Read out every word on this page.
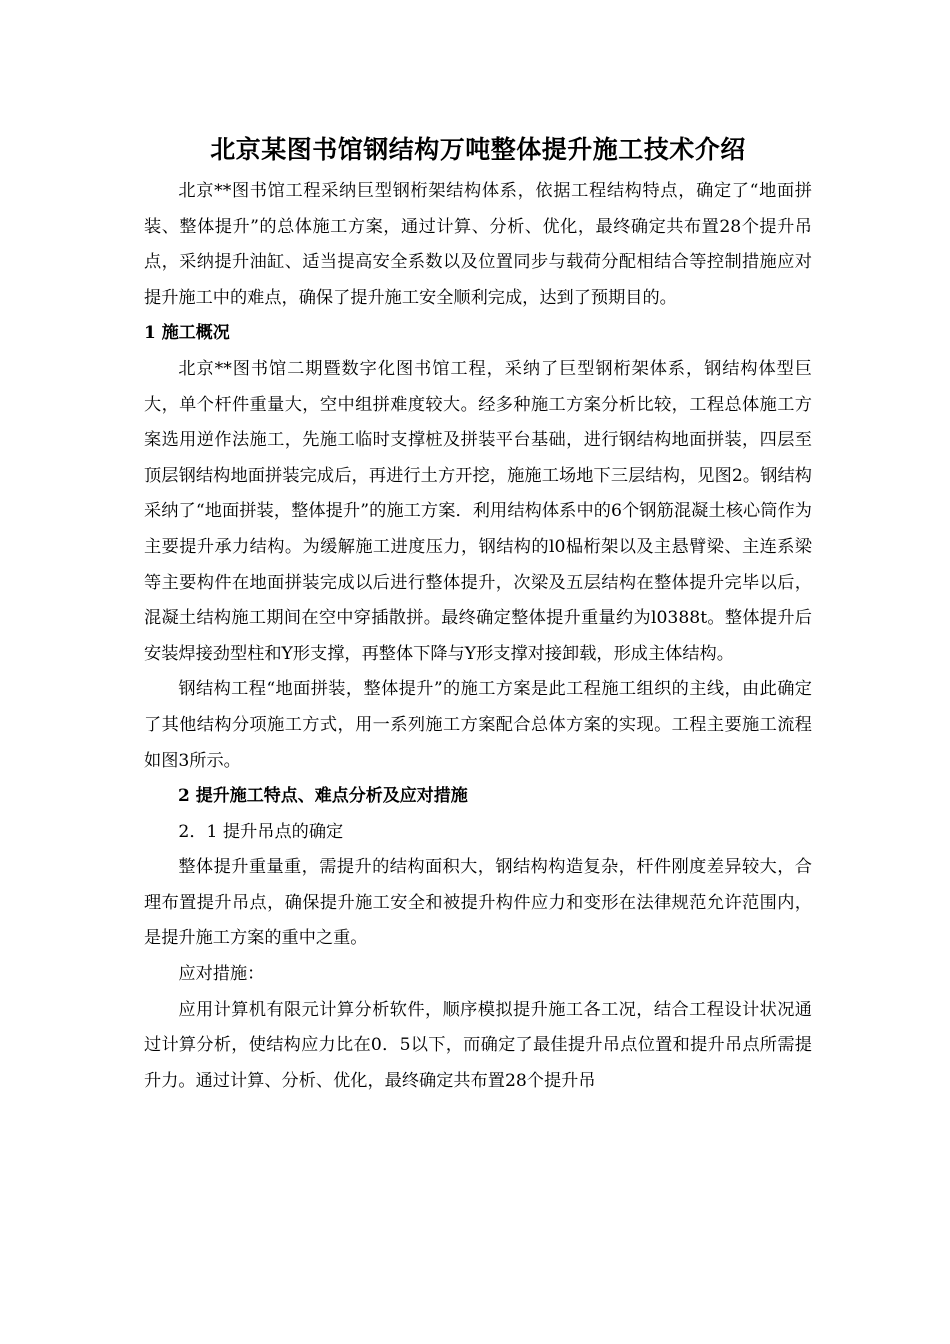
北京某图书馆钢结构万吨整体提升施工技术介绍

北京**图书馆工程采纳巨型钢桁架结构体系，依据工程结构特点，确定了“地面拼装、整体提升”的总体施工方案，通过计算、分析、优化，最终确定共布置28个提升吊点，采纳提升油缸、适当提高安全系数以及位置同步与载荷分配相结合等控制措施应对提升施工中的难点，确保了提升施工安全顺利完成，达到了预期目的。

1 施工概况

北京**图书馆二期暨数字化图书馆工程，采纳了巨型钢桁架体系，钢结构体型巨大，单个杆件重量大，空中组拼难度较大。经多种施工方案分析比较，工程总体施工方案选用逆作法施工，先施工临时支撑桩及拼装平台基础，进行钢结构地面拼装，四层至顶层钢结构地面拼装完成后，再进行土方开挖，施施工场地下三层结构，见图2。钢结构采纳了“地面拼装，整体提升”的施工方案．利用结构体系中的6个钢筋混凝土核心筒作为主要提升承力结构。为缓解施工进度压力，钢结构的l0榀桁架以及主悬臂梁、主连系梁等主要构件在地面拼装完成以后进行整体提升，次梁及五层结构在整体提升完毕以后，混凝土结构施工期间在空中穿插散拼。最终确定整体提升重量约为l0388t。整体提升后安装焊接劲型柱和Y形支撑，再整体下降与Y形支撑对接卸载，形成主体结构。

钢结构工程“地面拼装，整体提升”的施工方案是此工程施工组织的主线，由此确定了其他结构分项施工方式，用一系列施工方案配合总体方案的实现。工程主要施工流程如图3所示。

2 提升施工特点、难点分析及应对措施

2．1 提升吊点的确定

整体提升重量重，需提升的结构面积大，钢结构构造复杂，杆件刚度差异较大，合理布置提升吊点，确保提升施工安全和被提升构件应力和变形在法律规范允许范围内，是提升施工方案的重中之重。

应对措施：

应用计算机有限元计算分析软件，顺序模拟提升施工各工况，结合工程设计状况通过计算分析，使结构应力比在0．5以下，而确定了最佳提升吊点位置和提升吊点所需提升力。通过计算、分析、优化，最终确定共布置28个提升吊
